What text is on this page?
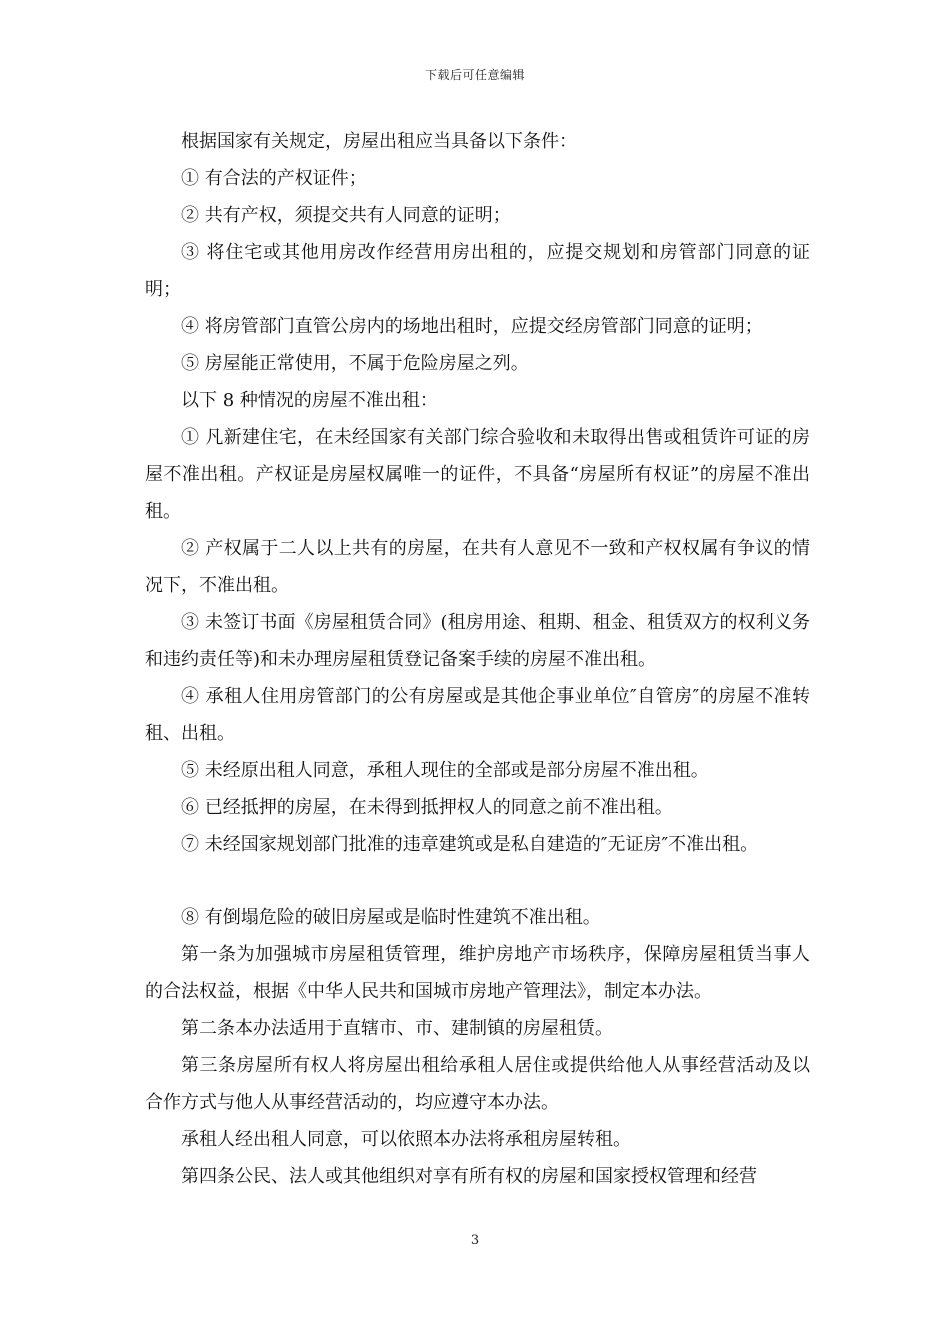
下载后可任意编辑

根据国家有关规定，房屋出租应当具备以下条件：

① 有合法的产权证件；

② 共有产权，须提交共有人同意的证明；

③ 将住宅或其他用房改作经营用房出租的，应提交规划和房管部门同意的证明；

④ 将房管部门直管公房内的场地出租时，应提交经房管部门同意的证明；

⑤ 房屋能正常使用，不属于危险房屋之列。

以下 8 种情况的房屋不准出租：

① 凡新建住宅，在未经国家有关部门综合验收和未取得出售或租赁许可证的房屋不准出租。产权证是房屋权属唯一的证件，不具备“房屋所有权证”的房屋不准出租。

② 产权属于二人以上共有的房屋，在共有人意见不一致和产权权属有争议的情况下，不准出租。

③ 未签订书面《房屋租赁合同》(租房用途、租期、租金、租赁双方的权利义务和违约责任等)和未办理房屋租赁登记备案手续的房屋不准出租。

④ 承租人住用房管部门的公有房屋或是其他企事业单位″自管房″的房屋不准转租、出租。

⑤ 未经原出租人同意，承租人现住的全部或是部分房屋不准出租。

⑥ 已经抵押的房屋，在未得到抵押权人的同意之前不准出租。

⑦ 未经国家规划部门批准的违章建筑或是私自建造的″无证房″不准出租。

⑧ 有倒塌危险的破旧房屋或是临时性建筑不准出租。

第一条为加强城市房屋租赁管理，维护房地产市场秩序，保障房屋租赁当事人的合法权益，根据《中华人民共和国城市房地产管理法》，制定本办法。

第二条本办法适用于直辖市、市、建制镇的房屋租赁。

第三条房屋所有权人将房屋出租给承租人居住或提供给他人从事经营活动及以合作方式与他人从事经营活动的，均应遵守本办法。

承租人经出租人同意，可以依照本办法将承租房屋转租。

第四条公民、法人或其他组织对享有所有权的房屋和国家授权管理和经营

3
